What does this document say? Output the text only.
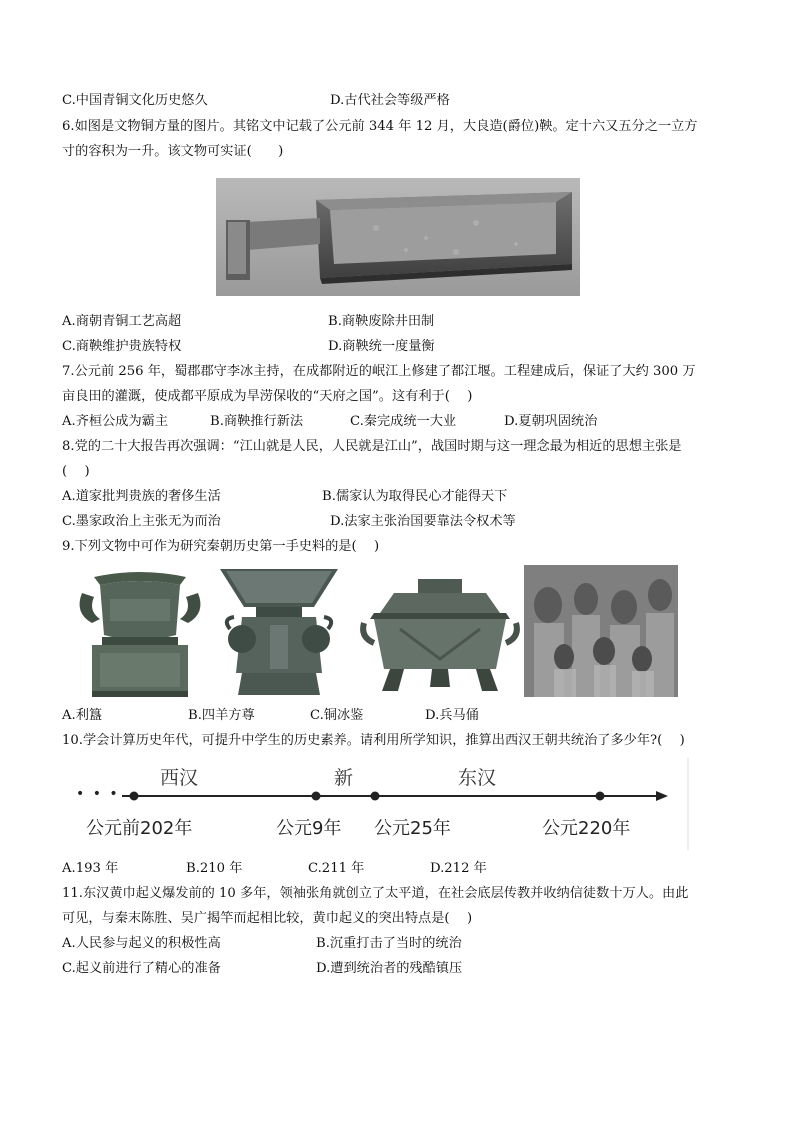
C.中国青铜文化历史悠久	D.古代社会等级严格
6.如图是文物铜方量的图片。其铭文中记载了公元前 344 年 12 月，大良造(爵位)鞅。定十六又五分之一立方
寸的容积为一升。该文物可实证(　　)
A.商朝青铜工艺高超	B.商鞅废除井田制
C.商鞅维护贵族特权	D.商鞅统一度量衡
7.公元前 256 年，蜀郡郡守李冰主持，在成都附近的岷江上修建了都江堰。工程建成后，保证了大约 300 万
亩良田的灌溉，使成都平原成为旱涝保收的“天府之国”。这有利于(　 )
A.齐桓公成为霸主	B.商鞅推行新法	C.秦完成统一大业	D.夏朝巩固统治
8.党的二十大报告再次强调：“江山就是人民，人民就是江山”，战国时期与这一理念最为相近的思想主张是
(　 )
A.道家批判贵族的奢侈生活	B.儒家认为取得民心才能得天下
C.墨家政治上主张无为而治	D.法家主张治国要靠法令权术等
9.下列文物中可作为研究秦朝历史第一手史料的是(　 )
A.利簋	B.四羊方尊	C.铜冰鉴	D.兵马俑
10.学会计算历史年代，可提升中学生的历史素养。请利用所学知识，推算出西汉王朝共统治了多少年?(　 )
• • •
西汉	新	东汉
公元前202年	公元9年 公元25年	公元220年
A.193 年	B.210 年	C.211 年	D.212 年
11.东汉黄巾起义爆发前的 10 多年，领袖张角就创立了太平道，在社会底层传教并收纳信徒数十万人。由此
可见，与秦末陈胜、吴广揭竿而起相比较，黄巾起义的突出特点是(　 )
A.人民参与起义的积极性高	B.沉重打击了当时的统治
C.起义前进行了精心的准备	D.遭到统治者的残酷镇压
